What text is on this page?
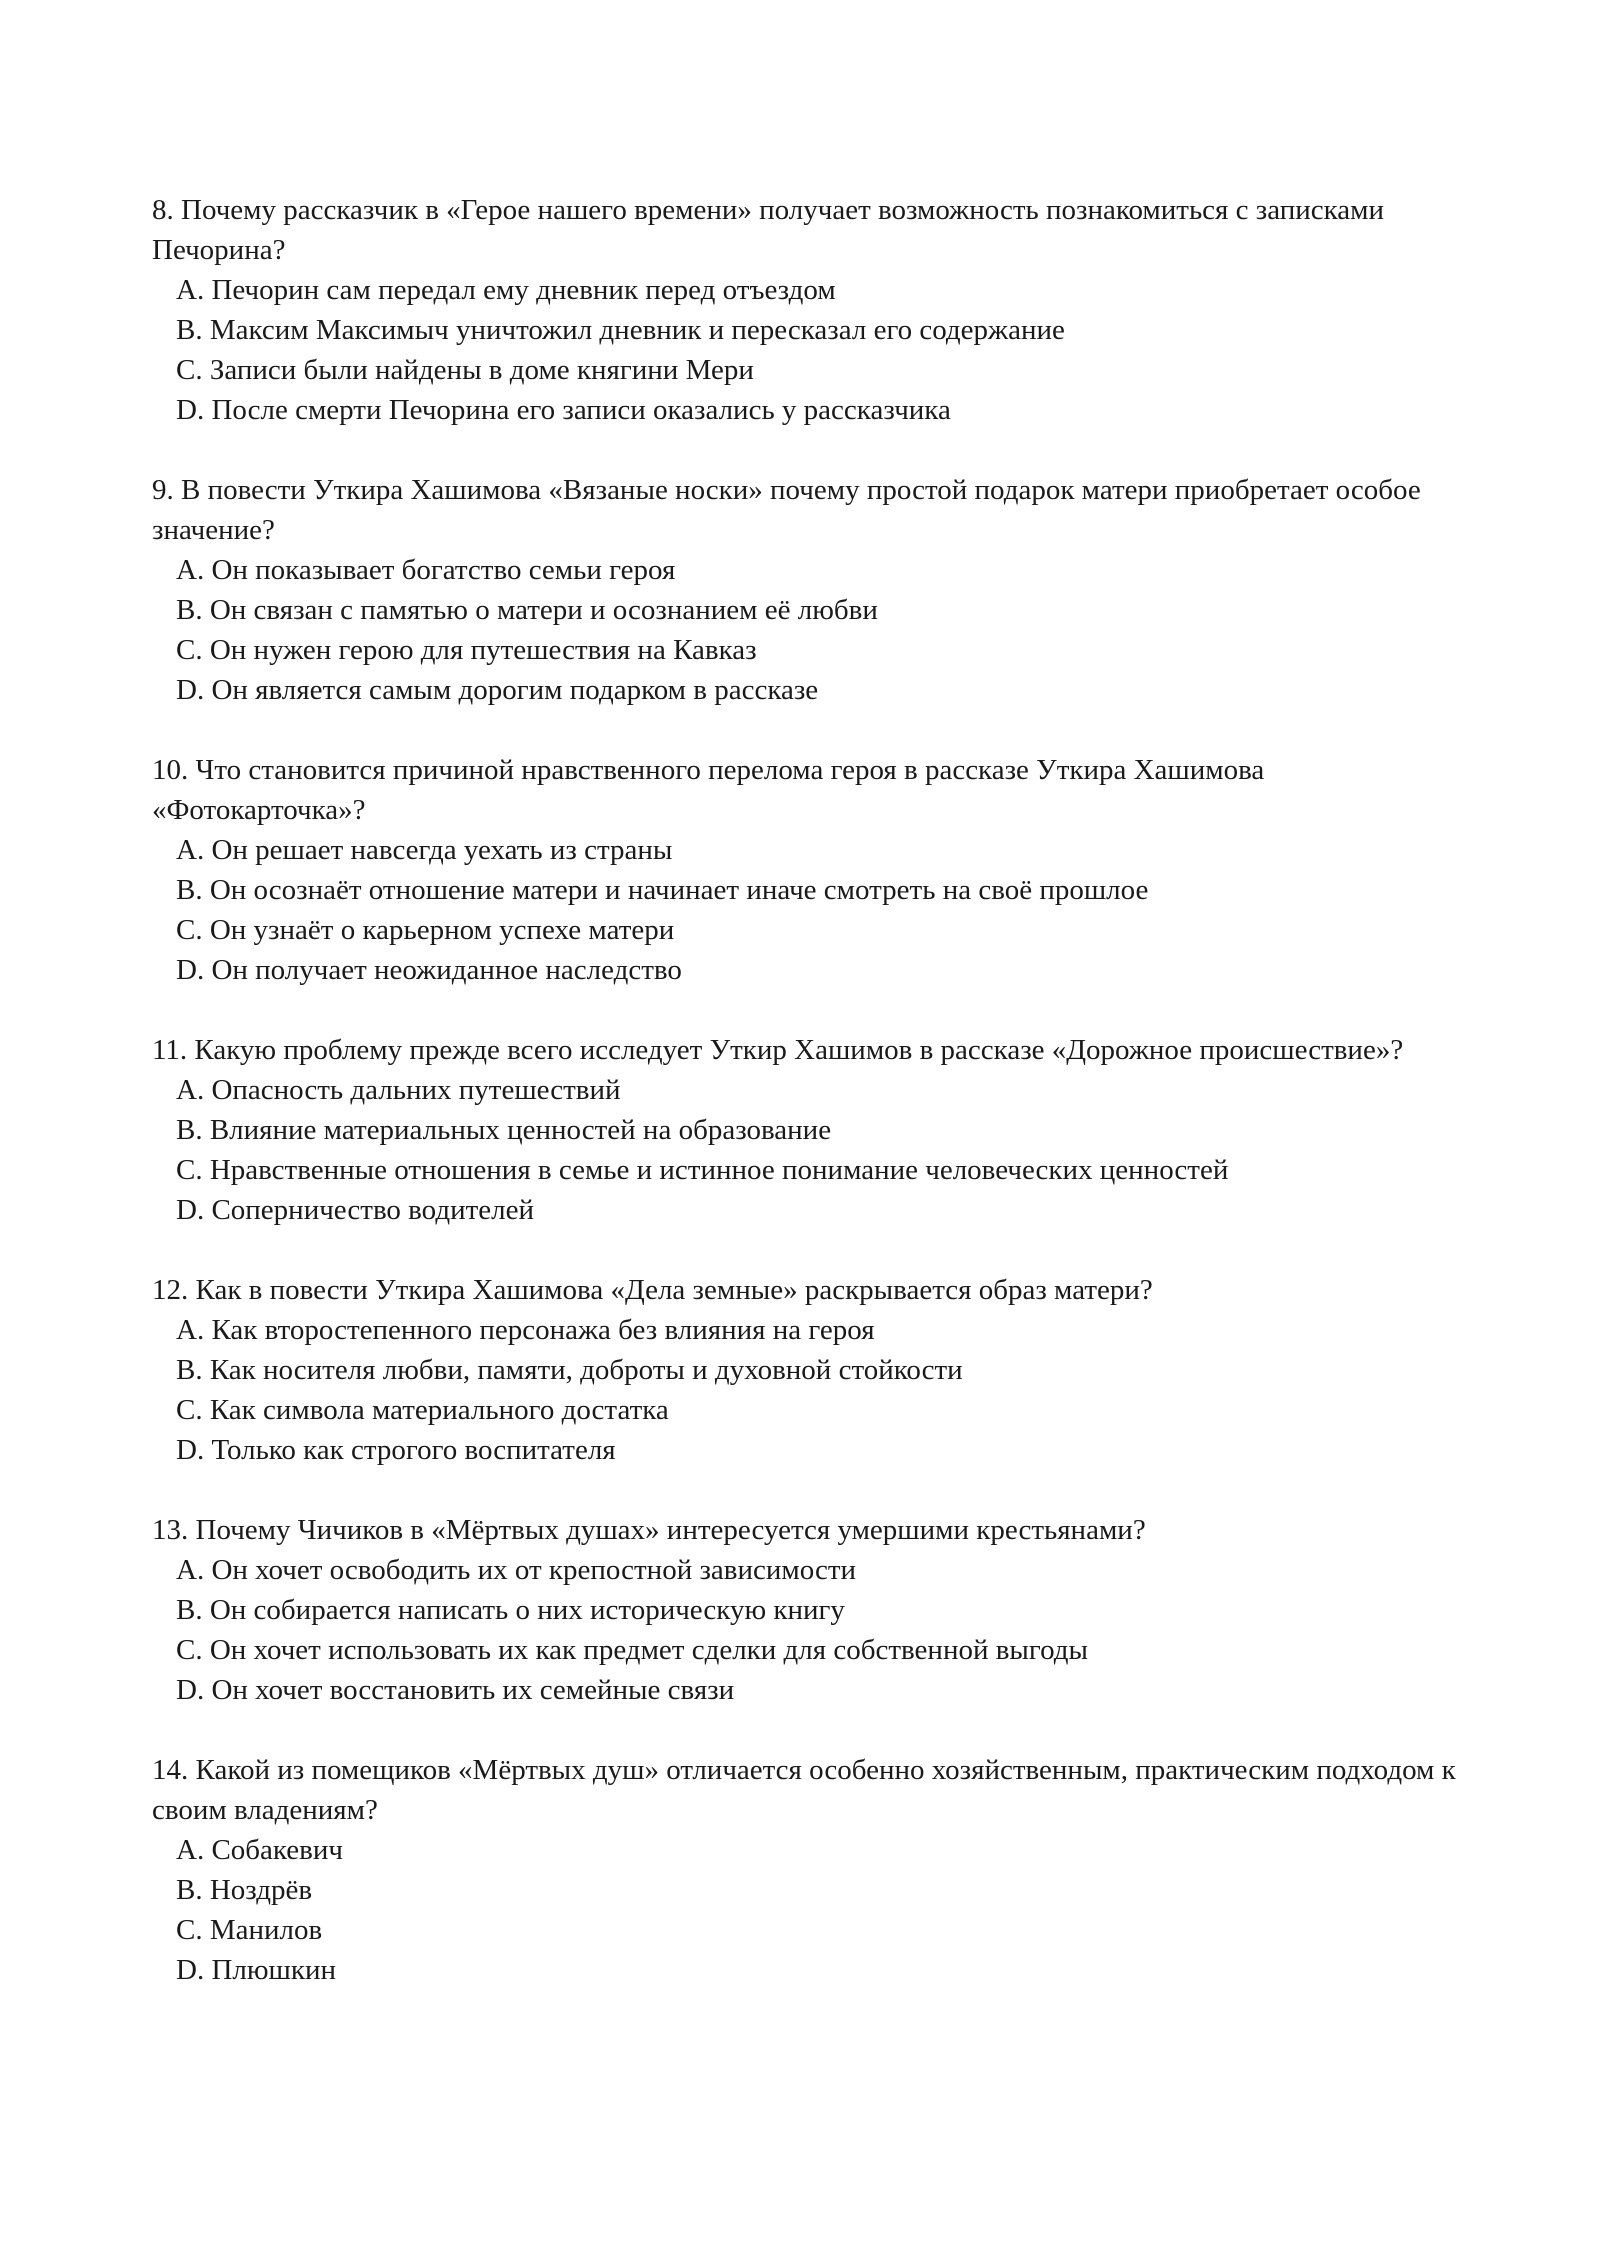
8. Почему рассказчик в «Герое нашего времени» получает возможность познакомиться с записками Печорина?

A. Печорин сам передал ему дневник перед отъездом
B. Максим Максимыч уничтожил дневник и пересказал его содержание
C. Записи были найдены в доме княгини Мери
D. После смерти Печорина его записи оказались у рассказчика

9. В повести Уткира Хашимова «Вязаные носки» почему простой подарок матери приобретает особое значение?

A. Он показывает богатство семьи героя
B. Он связан с памятью о матери и осознанием её любви
C. Он нужен герою для путешествия на Кавказ
D. Он является самым дорогим подарком в рассказе

10. Что становится причиной нравственного перелома героя в рассказе Уткира Хашимова «Фотокарточка»?

A. Он решает навсегда уехать из страны
B. Он осознаёт отношение матери и начинает иначе смотреть на своё прошлое
C. Он узнаёт о карьерном успехе матери
D. Он получает неожиданное наследство

11. Какую проблему прежде всего исследует Уткир Хашимов в рассказе «Дорожное происшествие»?

A. Опасность дальних путешествий
B. Влияние материальных ценностей на образование
C. Нравственные отношения в семье и истинное понимание человеческих ценностей
D. Соперничество водителей

12. Как в повести Уткира Хашимова «Дела земные» раскрывается образ матери?

A. Как второстепенного персонажа без влияния на героя
B. Как носителя любви, памяти, доброты и духовной стойкости
C. Как символа материального достатка
D. Только как строгого воспитателя

13. Почему Чичиков в «Мёртвых душах» интересуется умершими крестьянами?

A. Он хочет освободить их от крепостной зависимости
B. Он собирается написать о них историческую книгу
C. Он хочет использовать их как предмет сделки для собственной выгоды
D. Он хочет восстановить их семейные связи

14. Какой из помещиков «Мёртвых душ» отличается особенно хозяйственным, практическим подходом к своим владениям?

A. Собакевич
B. Ноздрёв
C. Манилов
D. Плюшкин
